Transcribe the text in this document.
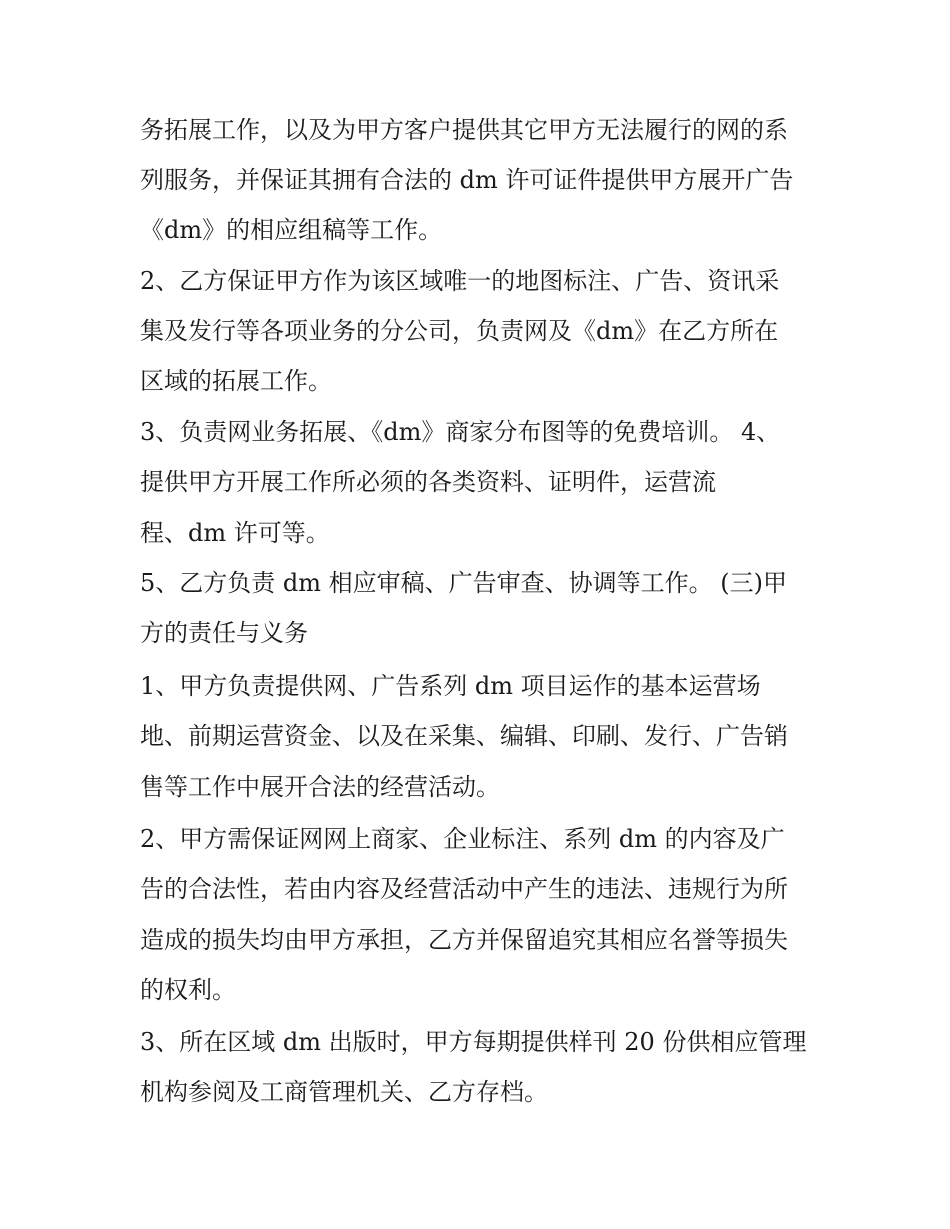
务拓展工作，以及为甲方客户提供其它甲方无法履行的网的系

列服务，并保证其拥有合法的 dm 许可证件提供甲方展开广告

《dm》的相应组稿等工作。

2、乙方保证甲方作为该区域唯一的地图标注、广告、资讯采

集及发行等各项业务的分公司，负责网及《dm》在乙方所在

区域的拓展工作。

3、负责网业务拓展、《dm》商家分布图等的免费培训。 4、

提供甲方开展工作所必须的各类资料、证明件，运营流

程、dm 许可等。

5、乙方负责 dm 相应审稿、广告审查、协调等工作。 (三)甲

方的责任与义务

1、甲方负责提供网、广告系列 dm 项目运作的基本运营场

地、前期运营资金、以及在采集、编辑、印刷、发行、广告销

售等工作中展开合法的经营活动。

2、甲方需保证网网上商家、企业标注、系列 dm 的内容及广

告的合法性，若由内容及经营活动中产生的违法、违规行为所

造成的损失均由甲方承担，乙方并保留追究其相应名誉等损失

的权利。

3、所在区域 dm 出版时，甲方每期提供样刊 20 份供相应管理

机构参阅及工商管理机关、乙方存档。
